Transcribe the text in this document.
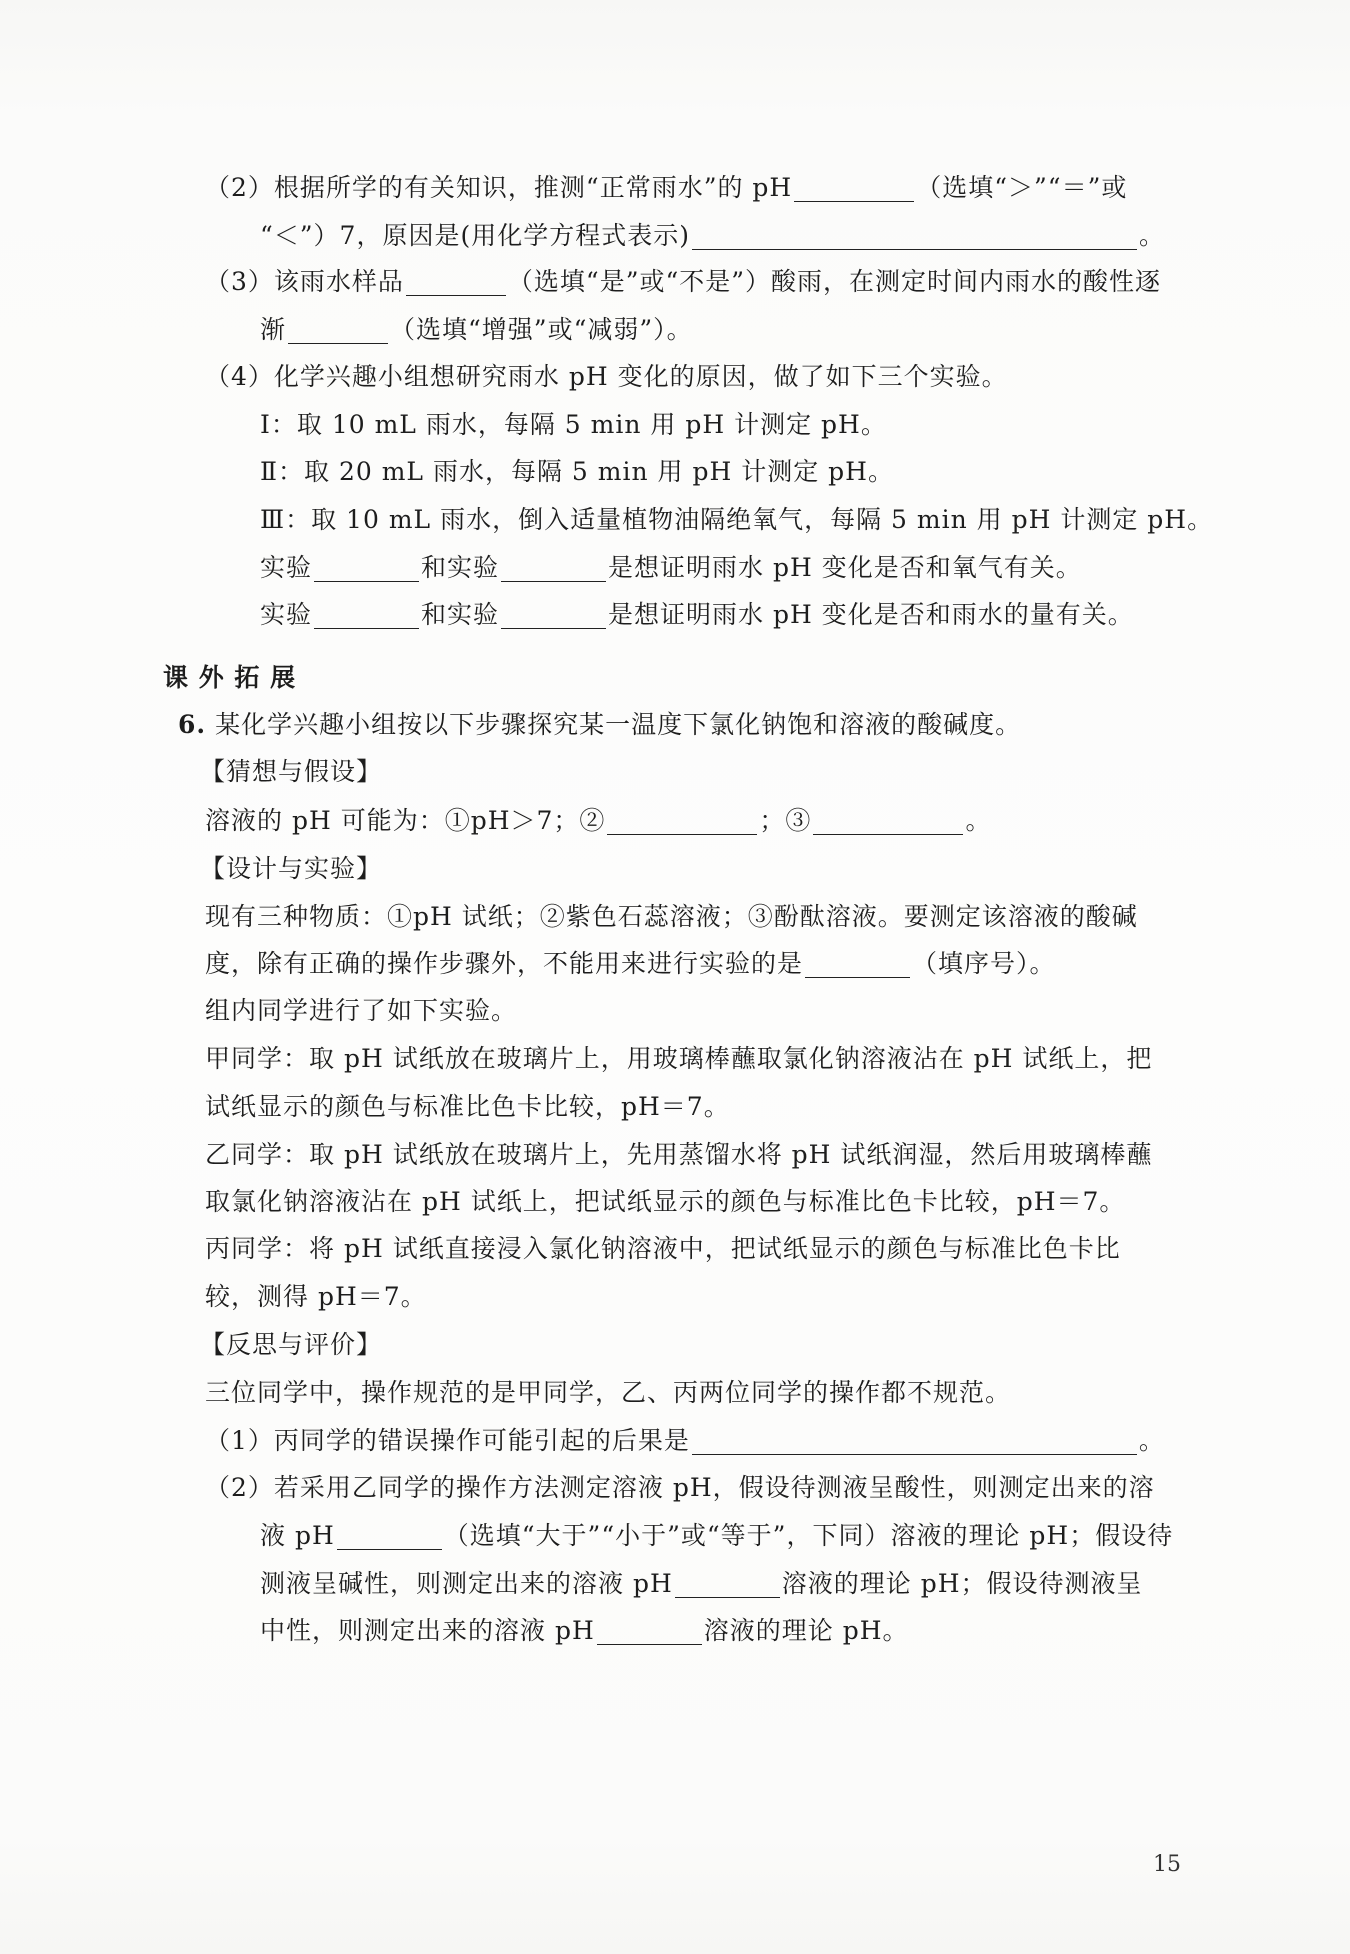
（2）根据所学的有关知识，推测“正常雨水”的 pH	（选填“＞”“＝”或
“＜”）7，原因是(用化学方程式表示)	。
（3）该雨水样品	（选填“是”或“不是”）酸雨，在测定时间内雨水的酸性逐
渐	（选填“增强”或“减弱”）。
（4）化学兴趣小组想研究雨水 pH 变化的原因，做了如下三个实验。
Ⅰ：取 10 mL 雨水，每隔 5 min 用 pH 计测定 pH。
Ⅱ：取 20 mL 雨水，每隔 5 min 用 pH 计测定 pH。
Ⅲ：取 10 mL 雨水，倒入适量植物油隔绝氧气，每隔 5 min 用 pH 计测定 pH。
实验	和实验	是想证明雨水 pH 变化是否和氧气有关。
实验	和实验	是想证明雨水 pH 变化是否和雨水的量有关。
课 外 拓 展
6. 某化学兴趣小组按以下步骤探究某一温度下氯化钠饱和溶液的酸碱度。
【猜想与假设】
溶液的 pH 可能为：①pH＞7；②	；③	。
【设计与实验】
现有三种物质：①pH 试纸；②紫色石蕊溶液；③酚酞溶液。要测定该溶液的酸碱
度，除有正确的操作步骤外，不能用来进行实验的是	（填序号）。
组内同学进行了如下实验。
甲同学：取 pH 试纸放在玻璃片上，用玻璃棒蘸取氯化钠溶液沾在 pH 试纸上，把
试纸显示的颜色与标准比色卡比较，pH＝7。
乙同学：取 pH 试纸放在玻璃片上，先用蒸馏水将 pH 试纸润湿，然后用玻璃棒蘸
取氯化钠溶液沾在 pH 试纸上，把试纸显示的颜色与标准比色卡比较，pH＝7。
丙同学：将 pH 试纸直接浸入氯化钠溶液中，把试纸显示的颜色与标准比色卡比
较，测得 pH＝7。
【反思与评价】
三位同学中，操作规范的是甲同学，乙、丙两位同学的操作都不规范。
（1）丙同学的错误操作可能引起的后果是	。
（2）若采用乙同学的操作方法测定溶液 pH，假设待测液呈酸性，则测定出来的溶
液 pH	（选填“大于”“小于”或“等于”，下同）溶液的理论 pH；假设待
测液呈碱性，则测定出来的溶液 pH	溶液的理论 pH；假设待测液呈
中性，则测定出来的溶液 pH	溶液的理论 pH。
15
